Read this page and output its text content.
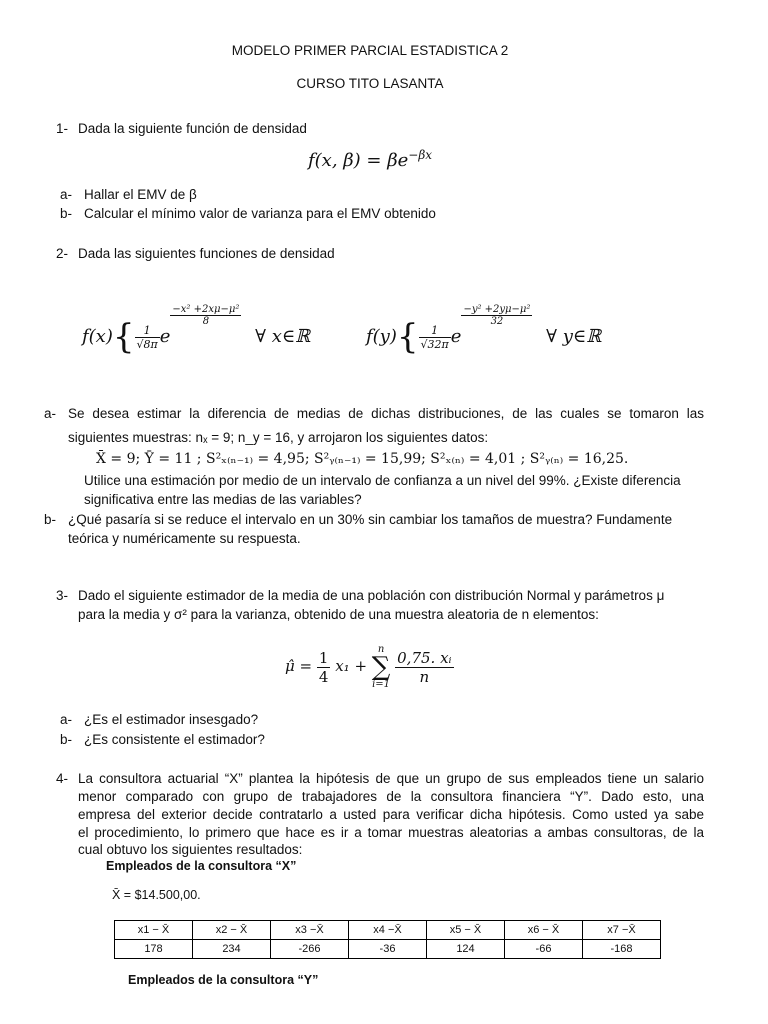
MODELO PRIMER PARCIAL ESTADISTICA 2
CURSO TITO LASANTA
1- Dada la siguiente función de densidad
f(x, $\beta) = \beta e^{-\beta x}$
a- Hallar el EMV de β
b- Calcular el mínimo valor de varianza para el EMV obtenido
2- Dada las siguientes funciones de densidad
$f(x)\{ \frac{1}{√8\pi}$ e
$\frac{\text{−x² +2xμ−μ²}}{8}$
∀ x∈ℝ	$f(y)\{ \frac{1}{√32\pi}$ e
$\frac{\text{−y² +2yμ−μ²}}{32}$
∀ y∈ℝ
a- Se desea estimar la diferencia de medias de dichas distribuciones, de las cuales se tomaron las
siguientes muestras: nₓ = 9; n_y = 16, y arrojaron los siguientes datos:
X̄ = 9; Ȳ = 11 ; S²ₓ₍ₙ₋₁₎ = 4,95; S²ᵧ₍ₙ₋₁₎ = 15,99; S²ₓ₍ₙ₎ = 4,01 ; S²ᵧ₍ₙ₎ = 16,25.
Utilice una estimación por medio de un intervalo de confianza a un nivel del 99%. ¿Existe diferencia
significativa entre las medias de las variables?
b- ¿Qué pasaría si se reduce el intervalo en un 30% sin cambiar los tamaños de muestra? Fundamente
teórica y numéricamente su respuesta.
3- Dado el siguiente estimador de la media de una población con distribución Normal y parámetros μ
para la media y σ² para la varianza, obtenido de una muestra aleatoria de n elementos:
μ̂ = $\frac{1}{4} x_1$ +
n
∑
i=1
$\frac{\text{0,75. xᵢ}}{n}$
a- ¿Es el estimador insesgado?
b- ¿Es consistente el estimador?
4- La consultora actuarial “X” plantea la hipótesis de que un grupo de sus empleados tiene un salario
menor comparado con grupo de trabajadores de la consultora financiera “Y”. Dado esto, una
empresa del exterior decide contratarlo a usted para verificar dicha hipótesis. Como usted ya sabe
el procedimiento, lo primero que hace es ir a tomar muestras aleatorias a ambas consultoras, de la
cual obtuvo los siguientes resultados:
Empleados de la consultora “X”
X̄ = $14.500,00.
x1 − X̄	x2 − X̄	x3 −X̄	x4 −X̄	x5 − X̄	x6 − X̄	x7 −X̄
178	234	-266	-36	124	-66	-168
Empleados de la consultora “Y”
